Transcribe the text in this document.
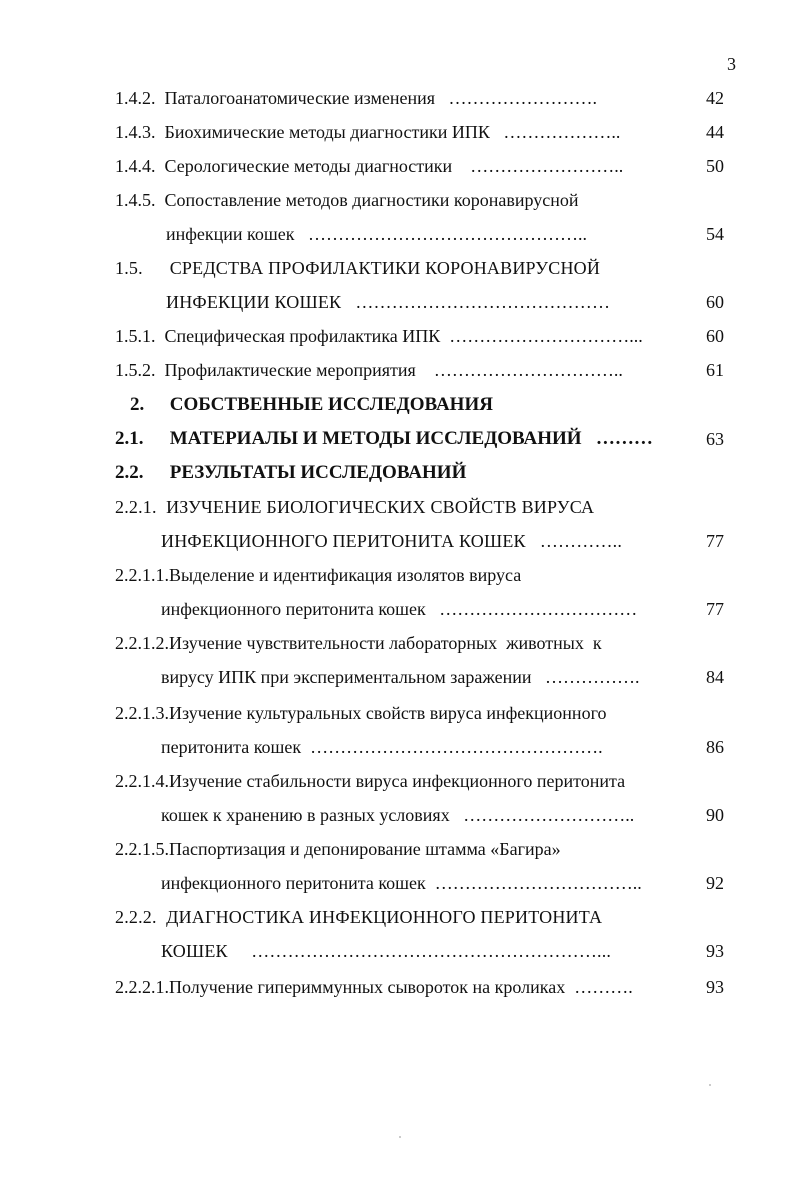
3
1.4.2. Паталогоанатомические изменения …………………….	42
1.4.3. Биохимические методы диагностики ИПК ………………..	44
1.4.4. Серологические методы диагностики ……………………..	50
1.4.5. Сопоставление методов диагностики коронавирусной
инфекции кошек ………………………………………..	54
1.5. СРЕДСТВА ПРОФИЛАКТИКИ КОРОНАВИРУСНОЙ
ИНФЕКЦИИ КОШЕК ……………………………………	60
1.5.1. Специфическая профилактика ИПК …………………………...	60
1.5.2. Профилактические мероприятия …………………………..	61
2. СОБСТВЕННЫЕ ИССЛЕДОВАНИЯ
2.1. МАТЕРИАЛЫ И МЕТОДЫ ИССЛЕДОВАНИЙ ………	63
2.2. РЕЗУЛЬТАТЫ ИССЛЕДОВАНИЙ
2.2.1. ИЗУЧЕНИЕ БИОЛОГИЧЕСКИХ СВОЙСТВ ВИРУСА
ИНФЕКЦИОННОГО ПЕРИТОНИТА КОШЕК …………..	77
2.2.1.1.Выделение и идентификация изолятов вируса
инфекционного перитонита кошек ……………………………	77
2.2.1.2.Изучение чувствительности лабораторных  животных  к
вирусу ИПК при экспериментальном заражении …………….	84
2.2.1.3.Изучение культуральных свойств вируса инфекционного
перитонита кошек ………………………………………….	86
2.2.1.4.Изучение стабильности вируса инфекционного перитонита
кошек к хранению в разных условиях ………………………..	90
2.2.1.5.Паспортизация и депонирование штамма «Багира»
инфекционного перитонита кошек ……………………………..	92
2.2.2. ДИАГНОСТИКА ИНФЕКЦИОННОГО ПЕРИТОНИТА
КОШЕК …………………………………………………...	93
2.2.2.1.Получение гипериммунных сывороток на кроликах ……….	93
